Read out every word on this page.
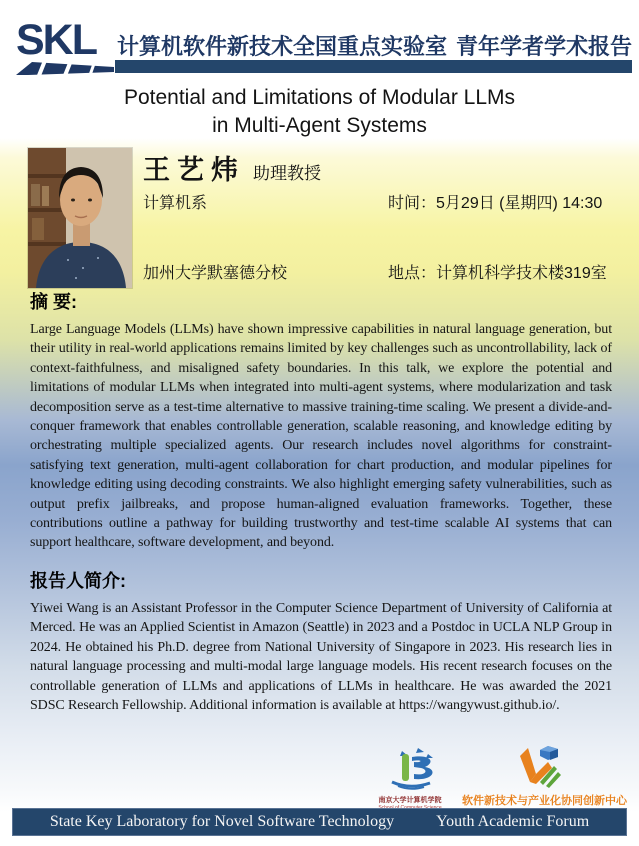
SKL 计算机软件新技术全国重点实验室 青年学者学术报告
Potential and Limitations of Modular LLMs
in Multi-Agent Systems
王艺炜 助理教授
计算机系	时间：5月29日 (星期四) 14:30
加州大学默塞德分校	地点：计算机科学技术楼319室
摘 要:

Large Language Models (LLMs) have shown impressive capabilities in natural language generation, but their utility in real-world applications remains limited by key challenges such as uncontrollability, lack of context-faithfulness, and misaligned safety boundaries. In this talk, we explore the potential and limitations of modular LLMs when integrated into multi-agent systems, where modularization and task decomposition serve as a test-time alternative to massive training-time scaling. We present a divide-and-conquer framework that enables controllable generation, scalable reasoning, and knowledge editing by orchestrating multiple specialized agents. Our research includes novel algorithms for constraint-satisfying text generation, multi-agent collaboration for chart production, and modular pipelines for knowledge editing using decoding constraints. We also highlight emerging safety vulnerabilities, such as output prefix jailbreaks, and propose human-aligned evaluation frameworks. Together, these contributions outline a pathway for building trustworthy and test-time scalable AI systems that can support healthcare, software development, and beyond.

报告人简介:

Yiwei Wang is an Assistant Professor in the Computer Science Department of University of California at Merced. He was an Applied Scientist in Amazon (Seattle) in 2023 and a Postdoc in UCLA NLP Group in 2024. He obtained his Ph.D. degree from National University of Singapore in 2023. His research lies in natural language processing and multi-modal large language models. His recent research focuses on the controllable generation of LLMs and applications of LLMs in healthcare. He was awarded the 2021 SDSC Research Fellowship. Additional information is available at https://wangywust.github.io/.

南京大学计算机学院	软件新技术与产业化协同创新中心
State Key Laboratory for Novel Software Technology	Youth Academic Forum
